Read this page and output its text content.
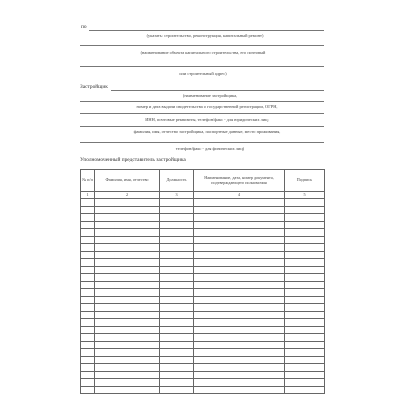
по
(указать: строительство, реконструкция, капитальный ремонт)
(наименование объекта капитального строительства, его почтовый
или строительный адрес)
Застройщик
(наименование застройщика,
номер и дата выдачи свидетельства о государственной регистрации, ОГРН,
ИНН, почтовые реквизиты, телефон/факс - для юридических лиц;
фамилия, имя, отчество застройщика, паспортные данные, место проживания,
телефон/факс - для физических лиц)
Уполномоченный представитель застройщика
№ п/п	Фамилия, имя, отчество	Должность	Наименование, дата, номер документа, подтверждающего полномочия	Подпись
1	2	3	4	5
